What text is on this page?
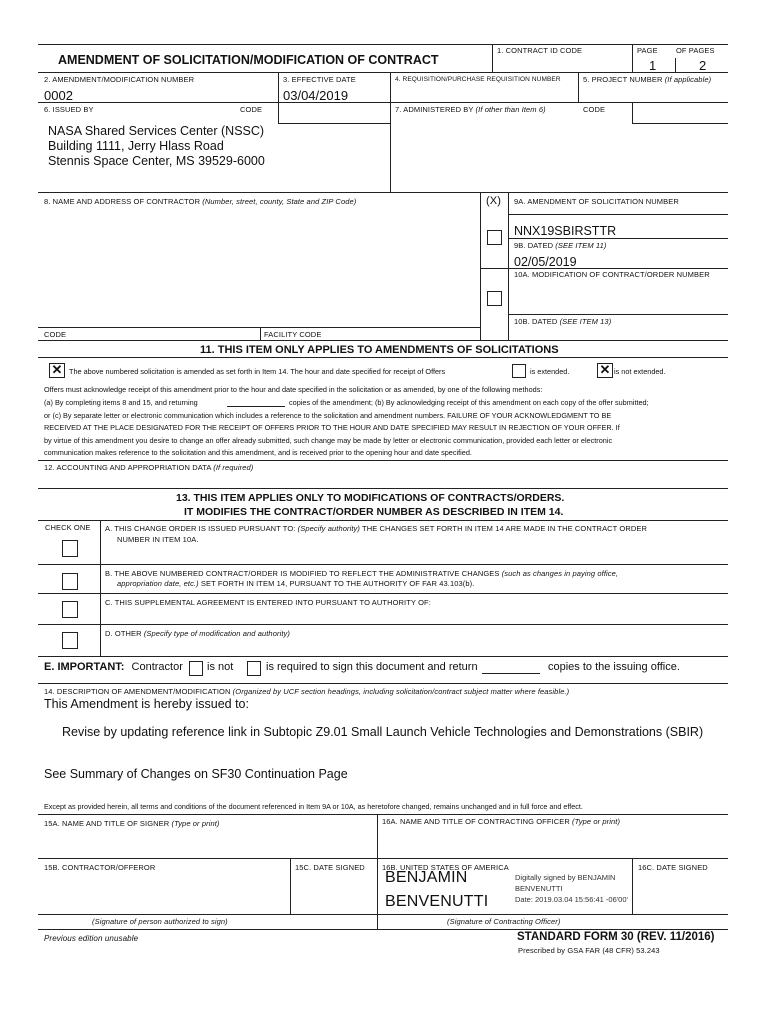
AMENDMENT OF SOLICITATION/MODIFICATION OF CONTRACT
1. CONTRACT ID CODE	PAGE OF PAGES
1	2
2. AMENDMENT/MODIFICATION NUMBER
0002
3. EFFECTIVE DATE
03/04/2019
4. REQUISITION/PURCHASE REQUISITION NUMBER	5. PROJECT NUMBER (If applicable)
6. ISSUED BY	CODE	7. ADMINISTERED BY (If other than Item 6)	CODE
NASA Shared Services Center (NSSC)
Building 1111, Jerry Hlass Road
Stennis Space Center, MS 39529-6000
8. NAME AND ADDRESS OF CONTRACTOR (Number, street, county, State and ZIP Code)	(X) 9A. AMENDMENT OF SOLICITATION NUMBER
NNX19SBIRSTTR
9B. DATED (SEE ITEM 11)
02/05/2019
10A. MODIFICATION OF CONTRACT/ORDER NUMBER
10B. DATED (SEE ITEM 13)
CODE	FACILITY CODE
11. THIS ITEM ONLY APPLIES TO AMENDMENTS OF SOLICITATIONS
✕ The above numbered solicitation is amended as set forth in Item 14. The hour and date specified for receipt of Offers	is extended. ✕ is not extended.
Offers must acknowledge receipt of this amendment prior to the hour and date specified in the solicitation or as amended, by one of the following methods:
(a) By completing items 8 and 15, and returning	copies of the amendment; (b) By acknowledging receipt of this amendment on each copy of the offer submitted;
or (c) By separate letter or electronic communication which includes a reference to the solicitation and amendment numbers. FAILURE OF YOUR ACKNOWLEDGMENT TO BE
RECEIVED AT THE PLACE DESIGNATED FOR THE RECEIPT OF OFFERS PRIOR TO THE HOUR AND DATE SPECIFIED MAY RESULT IN REJECTION OF YOUR OFFER. If
by virtue of this amendment you desire to change an offer already submitted, such change may be made by letter or electronic communication, provided each letter or electronic
communication makes reference to the solicitation and this amendment, and is received prior to the opening hour and date specified.
12. ACCOUNTING AND APPROPRIATION DATA (If required)
13. THIS ITEM APPLIES ONLY TO MODIFICATIONS OF CONTRACTS/ORDERS.
IT MODIFIES THE CONTRACT/ORDER NUMBER AS DESCRIBED IN ITEM 14.
CHECK ONE A. THIS CHANGE ORDER IS ISSUED PURSUANT TO: (Specify authority) THE CHANGES SET FORTH IN ITEM 14 ARE MADE IN THE CONTRACT ORDER
NUMBER IN ITEM 10A.
B. THE ABOVE NUMBERED CONTRACT/ORDER IS MODIFIED TO REFLECT THE ADMINISTRATIVE CHANGES (such as changes in paying office,
appropriation date, etc.) SET FORTH IN ITEM 14, PURSUANT TO THE AUTHORITY OF FAR 43.103(b).
C. THIS SUPPLEMENTAL AGREEMENT IS ENTERED INTO PURSUANT TO AUTHORITY OF:
D. OTHER (Specify type of modification and authority)
E. IMPORTANT: Contractor is not	is required to sign this document and return	copies to the issuing office.
14. DESCRIPTION OF AMENDMENT/MODIFICATION (Organized by UCF section headings, including solicitation/contract subject matter where feasible.)
This Amendment is hereby issued to:
Revise by updating reference link in Subtopic Z9.01 Small Launch Vehicle Technologies and Demonstrations (SBIR)
See Summary of Changes on SF30 Continuation Page
Except as provided herein, all terms and conditions of the document referenced in Item 9A or 10A, as heretofore changed, remains unchanged and in full force and effect.
15A. NAME AND TITLE OF SIGNER (Type or print)	16A. NAME AND TITLE OF CONTRACTING OFFICER (Type or print)
15B. CONTRACTOR/OFFEROR	15C. DATE SIGNED 16B. UNITED STATES OF AMERICA	16C. DATE SIGNED
BENJAMIN
BENVENUTTI
Digitally signed by BENJAMIN
BENVENUTTI
Date: 2019.03.04 15:56:41 -06'00'
(Signature of person authorized to sign)	(Signature of Contracting Officer)
Previous edition unusable	STANDARD FORM 30 (REV. 11/2016)
Prescribed by GSA FAR (48 CFR) 53.243
